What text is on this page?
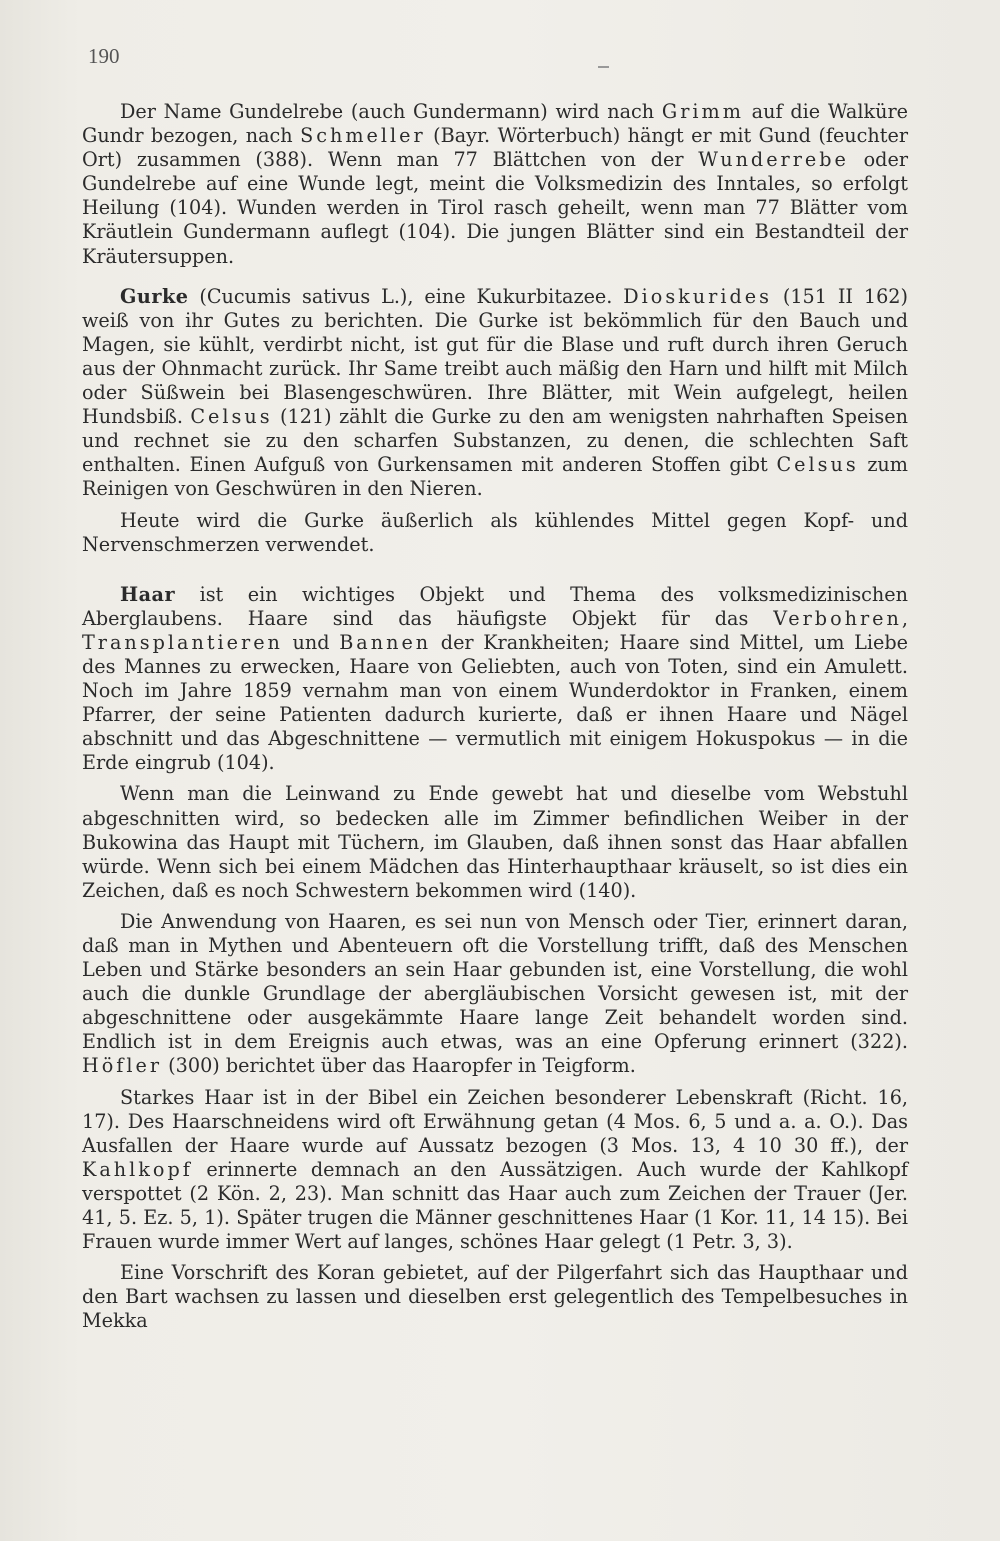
190

Der Name Gundelrebe (auch Gundermann) wird nach Grimm auf die Walküre Gundr bezogen, nach Schmeller (Bayr. Wörterbuch) hängt er mit Gund (feuchter Ort) zusammen (388). Wenn man 77 Blättchen von der Wunderrebe oder Gundelrebe auf eine Wunde legt, meint die Volksmedizin des Inntales, so erfolgt Heilung (104). Wunden werden in Tirol rasch geheilt, wenn man 77 Blätter vom Kräutlein Gundermann auflegt (104). Die jungen Blätter sind ein Bestandteil der Kräutersuppen.

Gurke (Cucumis sativus L.), eine Kukurbitazee. Dioskurides (151 II 162) weiß von ihr Gutes zu berichten. Die Gurke ist bekömmlich für den Bauch und Magen, sie kühlt, verdirbt nicht, ist gut für die Blase und ruft durch ihren Geruch aus der Ohnmacht zurück. Ihr Same treibt auch mäßig den Harn und hilft mit Milch oder Süßwein bei Blasengeschwüren. Ihre Blätter, mit Wein aufgelegt, heilen Hundsbiß. Celsus (121) zählt die Gurke zu den am wenigsten nahrhaften Speisen und rechnet sie zu den scharfen Substanzen, zu denen, die schlechten Saft enthalten. Einen Aufguß von Gurkensamen mit anderen Stoffen gibt Celsus zum Reinigen von Geschwüren in den Nieren.

Heute wird die Gurke äußerlich als kühlendes Mittel gegen Kopf- und Nervenschmerzen verwendet.

Haar ist ein wichtiges Objekt und Thema des volksmedizinischen Aberglaubens. Haare sind das häufigste Objekt für das Verbohren, Transplantieren und Bannen der Krankheiten; Haare sind Mittel, um Liebe des Mannes zu erwecken, Haare von Geliebten, auch von Toten, sind ein Amulett. Noch im Jahre 1859 vernahm man von einem Wunderdoktor in Franken, einem Pfarrer, der seine Patienten dadurch kurierte, daß er ihnen Haare und Nägel abschnitt und das Abgeschnittene — vermutlich mit einigem Hokuspokus — in die Erde eingrub (104).

Wenn man die Leinwand zu Ende gewebt hat und dieselbe vom Webstuhl abgeschnitten wird, so bedecken alle im Zimmer befindlichen Weiber in der Bukowina das Haupt mit Tüchern, im Glauben, daß ihnen sonst das Haar abfallen würde. Wenn sich bei einem Mädchen das Hinterhaupthaar kräuselt, so ist dies ein Zeichen, daß es noch Schwestern bekommen wird (140).

Die Anwendung von Haaren, es sei nun von Mensch oder Tier, erinnert daran, daß man in Mythen und Abenteuern oft die Vorstellung trifft, daß des Menschen Leben und Stärke besonders an sein Haar gebunden ist, eine Vorstellung, die wohl auch die dunkle Grundlage der abergläubischen Vorsicht gewesen ist, mit der abgeschnittene oder ausgekämmte Haare lange Zeit behandelt worden sind. Endlich ist in dem Ereignis auch etwas, was an eine Opferung erinnert (322). Höfler (300) berichtet über das Haaropfer in Teigform.

Starkes Haar ist in der Bibel ein Zeichen besonderer Lebenskraft (Richt. 16, 17). Des Haarschneidens wird oft Erwähnung getan (4 Mos. 6, 5 und a. a. O.). Das Ausfallen der Haare wurde auf Aussatz bezogen (3 Mos. 13, 4 10 30 ff.), der Kahlkopf erinnerte demnach an den Aussätzigen. Auch wurde der Kahlkopf verspottet (2 Kön. 2, 23). Man schnitt das Haar auch zum Zeichen der Trauer (Jer. 41, 5. Ez. 5, 1). Später trugen die Männer geschnittenes Haar (1 Kor. 11, 14 15). Bei Frauen wurde immer Wert auf langes, schönes Haar gelegt (1 Petr. 3, 3).

Eine Vorschrift des Koran gebietet, auf der Pilgerfahrt sich das Haupthaar und den Bart wachsen zu lassen und dieselben erst gelegentlich des Tempelbesuches in Mekka
